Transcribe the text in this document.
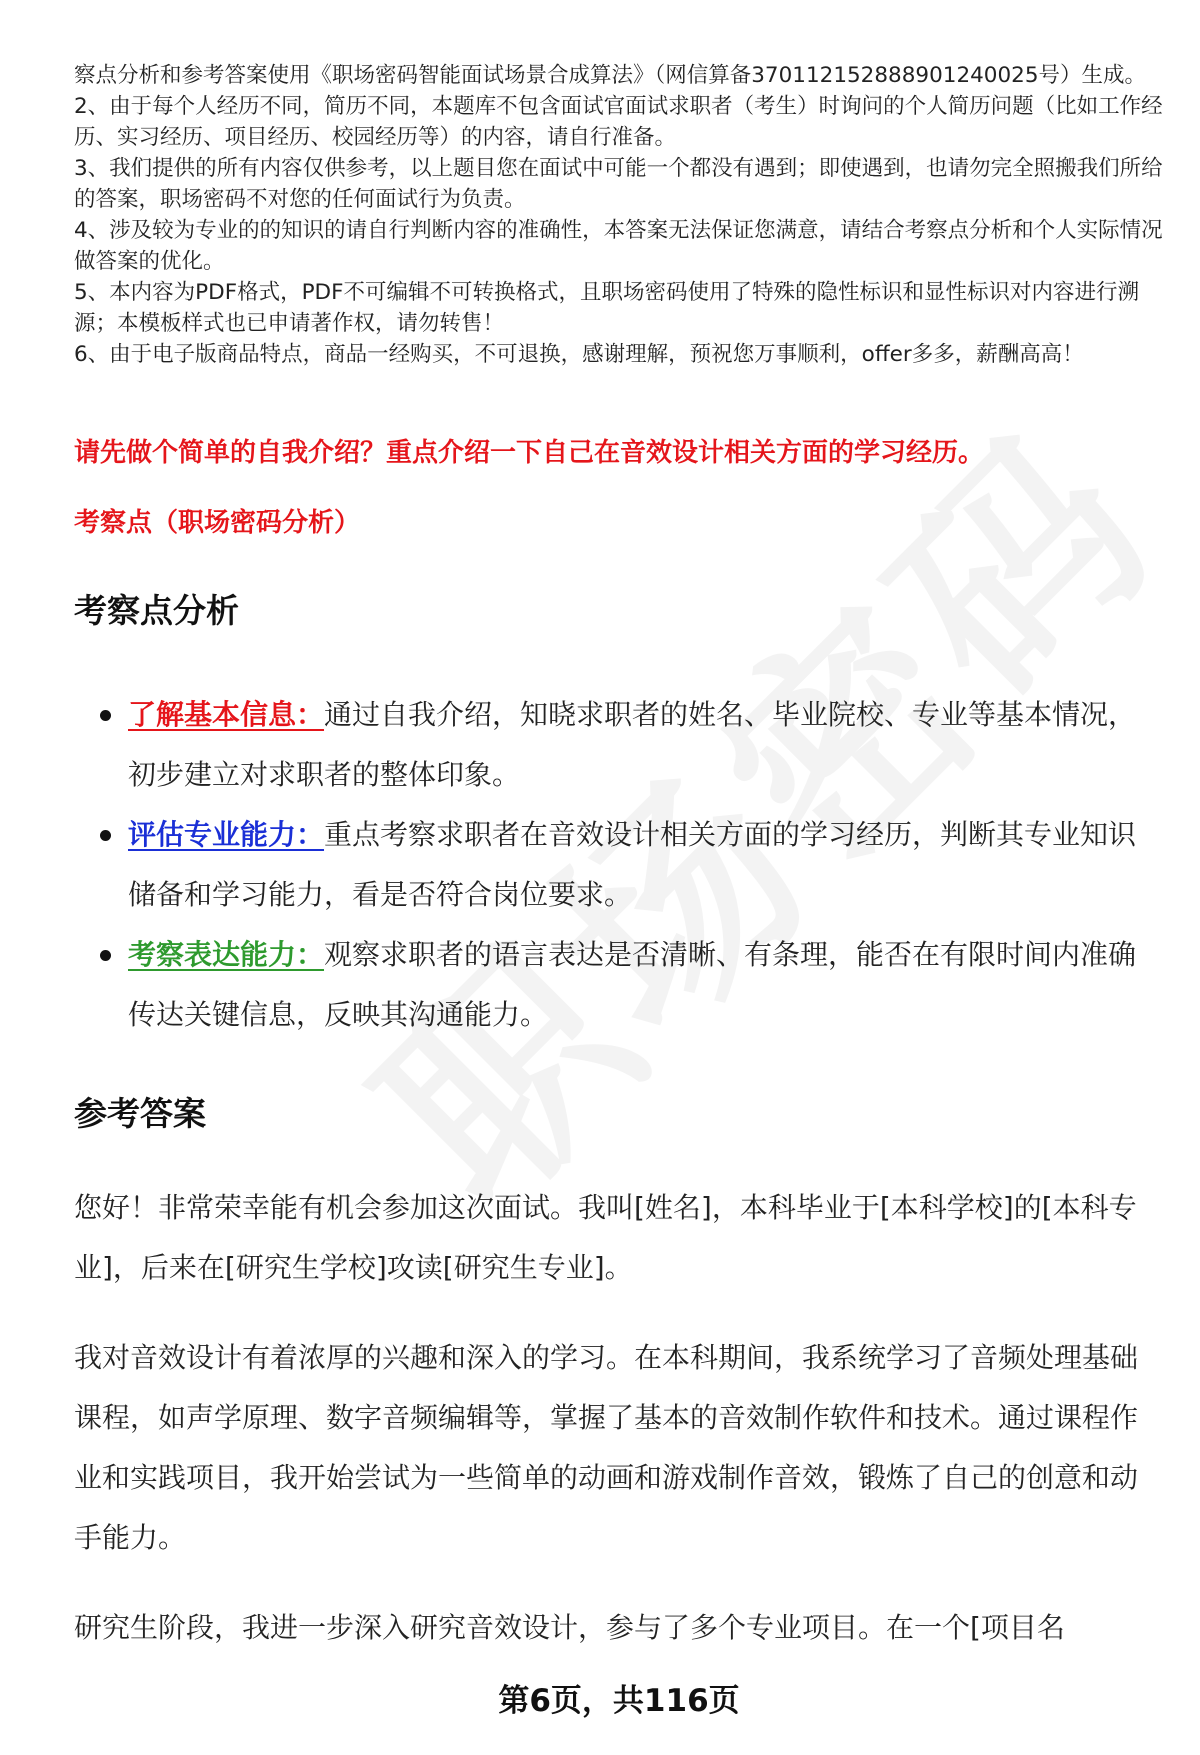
察点分析和参考答案使用《职场密码智能面试场景合成算法》（网信算备370112152888901240025号）生成。

2、由于每个人经历不同，简历不同，本题库不包含面试官面试求职者（考生）时询问的个人简历问题（比如工作经历、实习经历、项目经历、校园经历等）的内容，请自行准备。

3、我们提供的所有内容仅供参考，以上题目您在面试中可能一个都没有遇到；即使遇到，也请勿完全照搬我们所给的答案，职场密码不对您的任何面试行为负责。

4、涉及较为专业的的知识的请自行判断内容的准确性，本答案无法保证您满意，请结合考察点分析和个人实际情况做答案的优化。

5、本内容为PDF格式，PDF不可编辑不可转换格式，且职场密码使用了特殊的隐性标识和显性标识对内容进行溯源；本模板样式也已申请著作权，请勿转售！

6、由于电子版商品特点，商品一经购买，不可退换，感谢理解，预祝您万事顺利，offer多多，薪酬高高！

请先做个简单的自我介绍？重点介绍一下自己在音效设计相关方面的学习经历。
考察点（职场密码分析）
考察点分析
了解基本信息：通过自我介绍，知晓求职者的姓名、毕业院校、专业等基本情况，初步建立对求职者的整体印象。
评估专业能力：重点考察求职者在音效设计相关方面的学习经历，判断其专业知识储备和学习能力，看是否符合岗位要求。
考察表达能力：观察求职者的语言表达是否清晰、有条理，能否在有限时间内准确传达关键信息，反映其沟通能力。
参考答案

您好！非常荣幸能有机会参加这次面试。我叫[姓名]，本科毕业于[本科学校]的[本科专业]，后来在[研究生学校]攻读[研究生专业]。

我对音效设计有着浓厚的兴趣和深入的学习。在本科期间，我系统学习了音频处理基础课程，如声学原理、数字音频编辑等，掌握了基本的音效制作软件和技术。通过课程作业和实践项目，我开始尝试为一些简单的动画和游戏制作音效，锻炼了自己的创意和动手能力。

研究生阶段，我进一步深入研究音效设计，参与了多个专业项目。在一个[项目名

第6页，共116页
